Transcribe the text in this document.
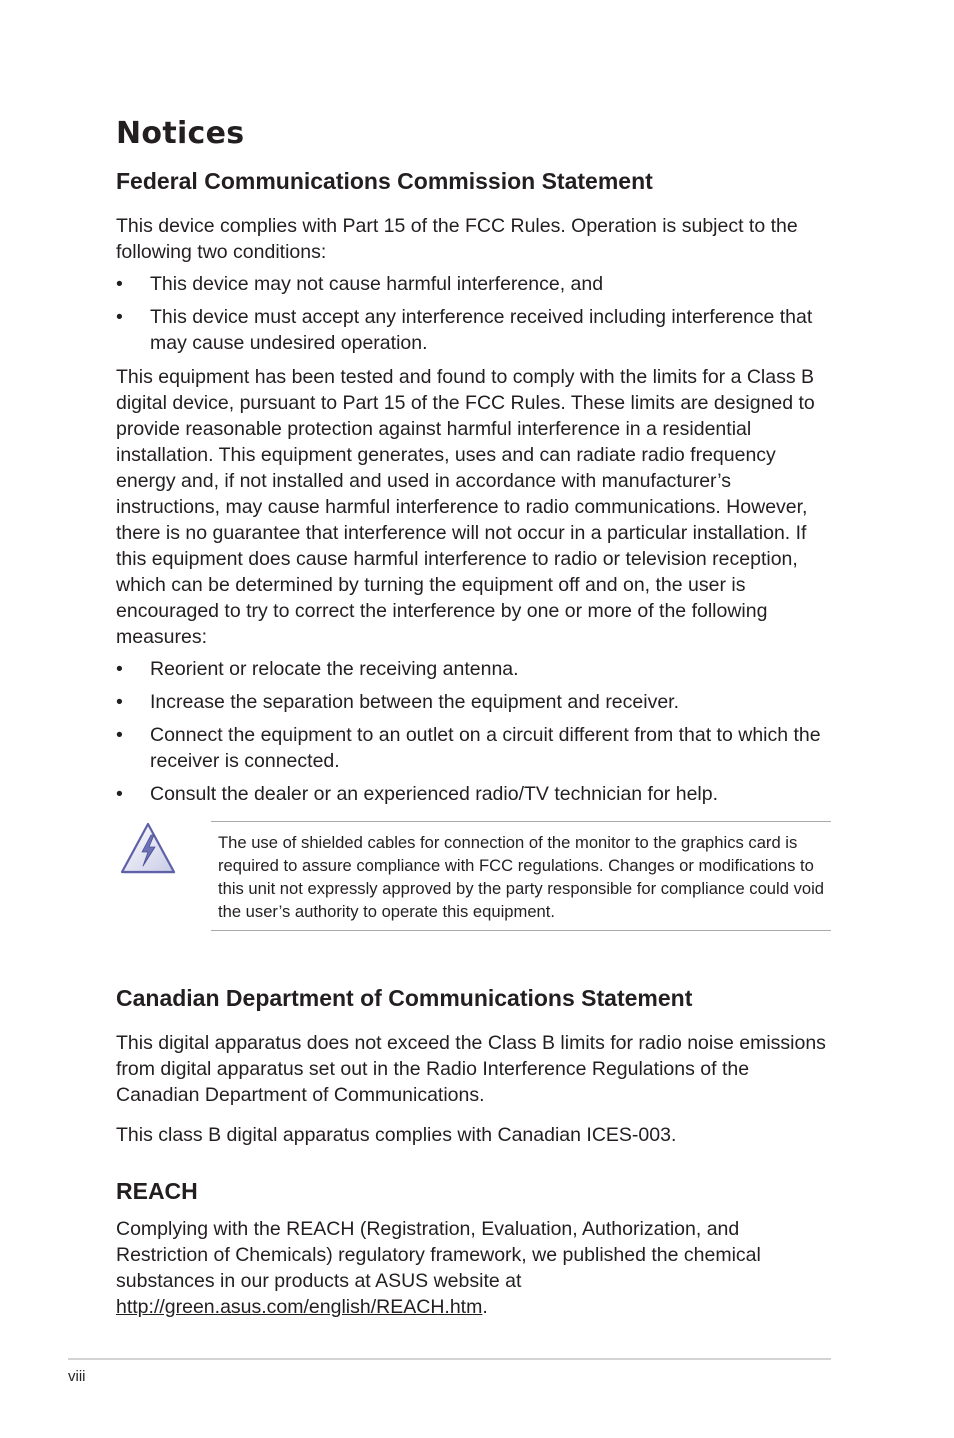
Notices
Federal Communications Commission Statement

This device complies with Part 15 of the FCC Rules. Operation is subject to the following two conditions:

• This device may not cause harmful interference, and
• This device must accept any interference received including interference that may cause undesired operation.

This equipment has been tested and found to comply with the limits for a Class B digital device, pursuant to Part 15 of the FCC Rules. These limits are designed to provide reasonable protection against harmful interference in a residential installation. This equipment generates, uses and can radiate radio frequency energy and, if not installed and used in accordance with manufacturer’s instructions, may cause harmful interference to radio communications. However, there is no guarantee that interference will not occur in a particular installation. If this equipment does cause harmful interference to radio or television reception, which can be determined by turning the equipment off and on, the user is encouraged to try to correct the interference by one or more of the following measures:

• Reorient or relocate the receiving antenna.
• Increase the separation between the equipment and receiver.
• Connect the equipment to an outlet on a circuit different from that to which the receiver is connected.
• Consult the dealer or an experienced radio/TV technician for help.

The use of shielded cables for connection of the monitor to the graphics card is required to assure compliance with FCC regulations. Changes or modifications to this unit not expressly approved by the party responsible for compliance could void the user’s authority to operate this equipment.

Canadian Department of Communications Statement

This digital apparatus does not exceed the Class B limits for radio noise emissions from digital apparatus set out in the Radio Interference Regulations of the Canadian Department of Communications.

This class B digital apparatus complies with Canadian ICES-003.

REACH

Complying with the REACH (Registration, Evaluation, Authorization, and Restriction of Chemicals) regulatory framework, we published the chemical substances in our products at ASUS website at http://green.asus.com/english/REACH.htm.

viii
